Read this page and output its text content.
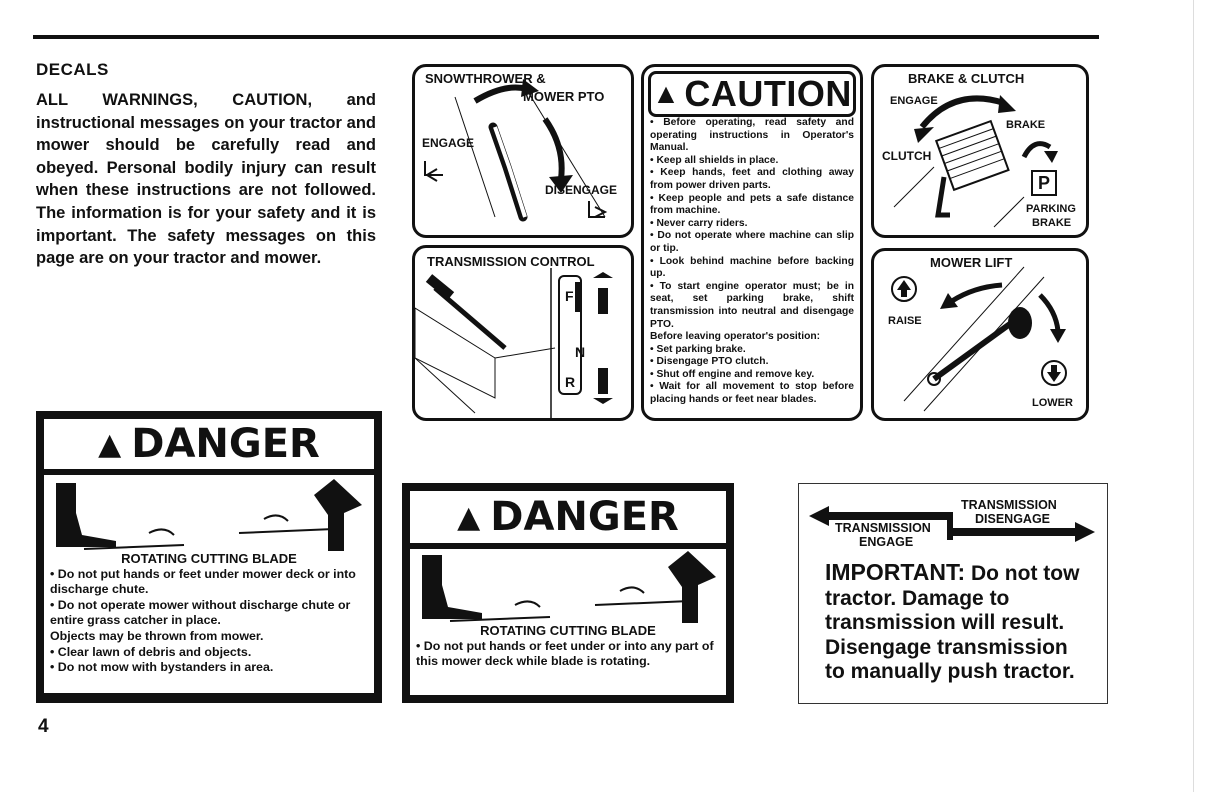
DECALS
ALL WARNINGS, CAUTION, and instructional messages on your tractor and mower should be carefully read and obeyed. Personal bodily injury can result when these instructions are not followed. The information is for your safety and it is important. The safety messages on this page are on your tractor and mower.
SNOWTHROWER &
MOWER PTO
ENGAGE
DISENGAGE
TRANSMISSION CONTROL
F
N
R
▲ CAUTION
• Before operating, read safety and operating instructions in Operator's Manual.
• Keep all shields in place.
• Keep hands, feet and clothing away from power driven parts.
• Keep people and pets a safe distance from machine.
• Never carry riders.
• Do not operate where machine can slip or tip.
• Look behind machine before backing up.
• To start engine operator must; be in seat, set parking brake, shift transmission into neutral and disengage PTO.
Before leaving operator's position:
• Set parking brake.
• Disengage PTO clutch.
• Shut off engine and remove key.
• Wait for all movement to stop before placing hands or feet near blades.
BRAKE & CLUTCH
ENGAGE
BRAKE
CLUTCH
P
PARKING
BRAKE
MOWER LIFT
RAISE
LOWER
▲ DANGER
ROTATING CUTTING BLADE
• Do not put hands or feet under mower deck or into discharge chute.
• Do not operate mower without discharge chute or entire grass catcher in place.
Objects may be thrown from mower.
• Clear lawn of debris and objects.
• Do not mow with bystanders in area.
▲ DANGER
ROTATING CUTTING BLADE
• Do not put hands or feet under or into any part of this mower deck while blade is rotating.
TRANSMISSION
DISENGAGE
TRANSMISSION
ENGAGE
IMPORTANT: Do not tow tractor. Damage to transmission will result. Disengage transmission to manually push tractor.
4
